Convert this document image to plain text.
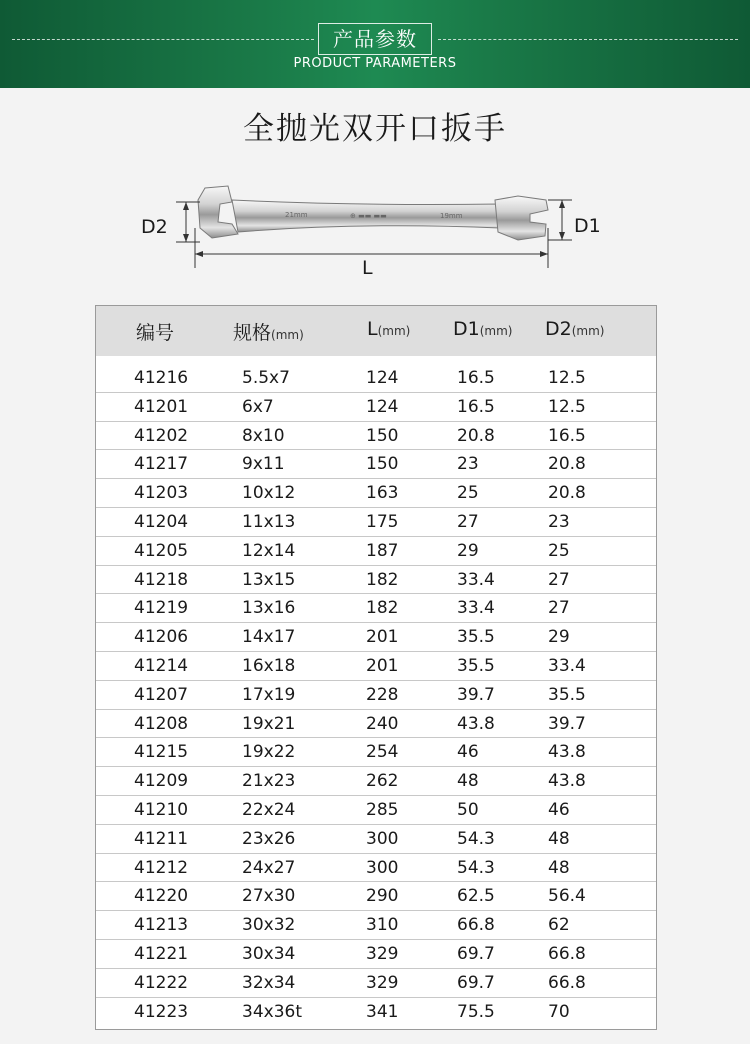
产品参数
PRODUCT PARAMETERS
全抛光双开口扳手
21mm	⊕ ▬▬ ▬▬	19mm
D2	D1
L
编号	规格(mm)	L(mm) D1(mm) D2(mm)
41216	5.5x7	124	16.5	12.5
41201	6x7	124	16.5	12.5
41202	8x10	150	20.8	16.5
41217	9x11	150	23	20.8
41203	10x12	163	25	20.8
41204	11x13	175	27	23
41205	12x14	187	29	25
41218	13x15	182	33.4	27
41219	13x16	182	33.4	27
41206	14x17	201	35.5	29
41214	16x18	201	35.5	33.4
41207	17x19	228	39.7	35.5
41208	19x21	240	43.8	39.7
41215	19x22	254	46	43.8
41209	21x23	262	48	43.8
41210	22x24	285	50	46
41211	23x26	300	54.3	48
41212	24x27	300	54.3	48
41220	27x30	290	62.5	56.4
41213	30x32	310	66.8	62
41221	30x34	329	69.7	66.8
41222	32x34	329	69.7	66.8
41223	34x36t	341	75.5	70
